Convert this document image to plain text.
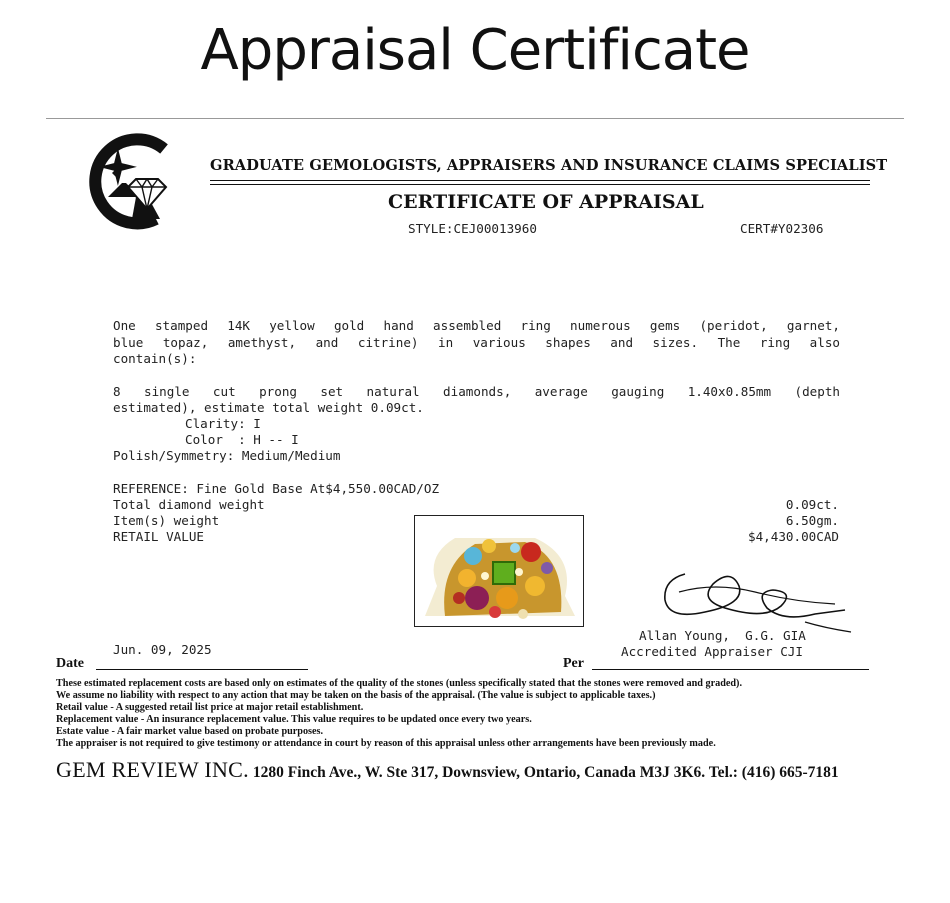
Appraisal Certificate
GRADUATE GEMOLOGISTS, APPRAISERS AND INSURANCE CLAIMS SPECIALIST
CERTIFICATE OF APPRAISAL
STYLE:CEJ00013960	CERT#Y02306
One stamped 14K yellow gold hand assembled ring numerous gems (peridot, garnet,
blue topaz, amethyst, and citrine) in various shapes and sizes. The ring also
contain(s):
8 single cut prong set natural diamonds, average gauging 1.40x0.85mm (depth
estimated), estimate total weight 0.09ct.
Clarity: I
Color  : H -- I
Polish/Symmetry: Medium/Medium
REFERENCE: Fine Gold Base At$4,550.00CAD/OZ
Total diamond weight	0.09ct.
Item(s) weight	6.50gm.
RETAIL VALUE	$4,430.00CAD
Jun. 09, 2025
Allan Young,  G.G. GIA
Accredited Appraiser CJI
Date	Per
These estimated replacement costs are based only on estimates of the quality of the stones (unless specifically stated that the stones were removed and graded).
We assume no liability with respect to any action that may be taken on the basis of the appraisal. (The value is subject to applicable taxes.)
Retail value - A suggested retail list price at major retail establishment.
Replacement value - An insurance replacement value. This value requires to be updated once every two years.
Estate value - A fair market value based on probate purposes.
The appraiser is not required to give testimony or attendance in court by reason of this appraisal unless other arrangements have been previously made.
GEM REVIEW INC. 1280 Finch Ave., W. Ste 317, Downsview, Ontario, Canada M3J 3K6. Tel.: (416) 665-7181
